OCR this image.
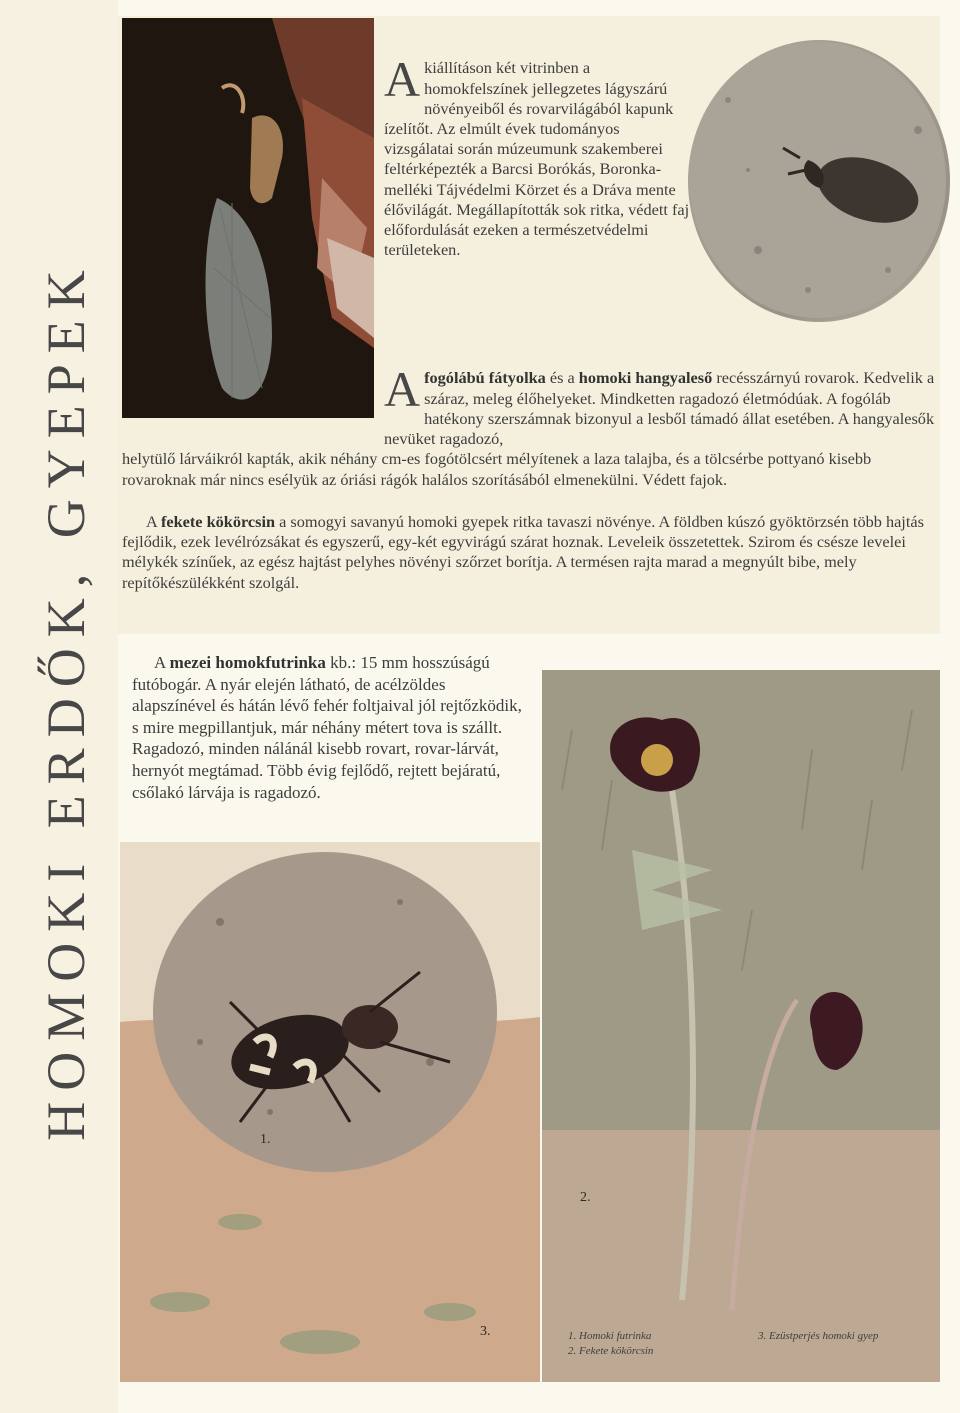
HOMOKI ERDŐK, GYEPEK

A kiállításon két vitrinben a homokfelszínek jellegzetes lágyszárú növényeiből és rovarvilágából kapunk ízelítőt. Az elmúlt évek tudományos vizsgálatai során múzeumunk szakemberei feltérképezték a Barcsi Borókás, Boronka-melléki Tájvédelmi Körzet és a Dráva mente élővilágát. Megállapították sok ritka, védett faj előfordulását ezeken a természetvédelmi területeken.

A fogólábú fátyolka és a homoki hangyaleső recésszárnyú rovarok. Kedvelik a száraz, meleg élőhelyeket. Mindketten ragadozó életmódúak. A fogóláb hatékony szerszámnak bizonyul a lesből támadó állat esetében. A hangyalesők nevüket ragadozó,

helytülő lárváikról kapták, akik néhány cm-es fogótölcsért mélyítenek a laza talajba, és a tölcsérbe pottyanó kisebb rovaroknak már nincs esélyük az óriási rágók halálos szorításából elmenekülni. Védett fajok.

A fekete kökörcsin a somogyi savanyú homoki gyepek ritka tavaszi növénye. A földben kúszó gyöktörzsén több hajtás fejlődik, ezek levélrózsákat és egyszerű, egy-két egyvirágú szárat hoznak. Leveleik összetettek. Szirom és csésze levelei mélykék színűek, az egész hajtást pelyhes növényi szőrzet borítja. A termésen rajta marad a megnyúlt bibe, mely repítőkészülékként szolgál.

A mezei homokfutrinka kb.: 15 mm hosszúságú futóbogár. A nyár elején látható, de acélzöldes alapszínével és hátán lévő fehér foltjaival jól rejtőzködik, s mire megpillantjuk, már néhány métert tova is szállt. Ragadozó, minden nálánál kisebb rovart, rovar-lárvát, hernyót megtámad. Több évig fejlődő, rejtett bejáratú, csőlakó lárvája is ragadozó.

1.
3.
2.
1. Homoki futrinka
2. Fekete kökörcsin
3. Ezüstperjés homoki gyep
